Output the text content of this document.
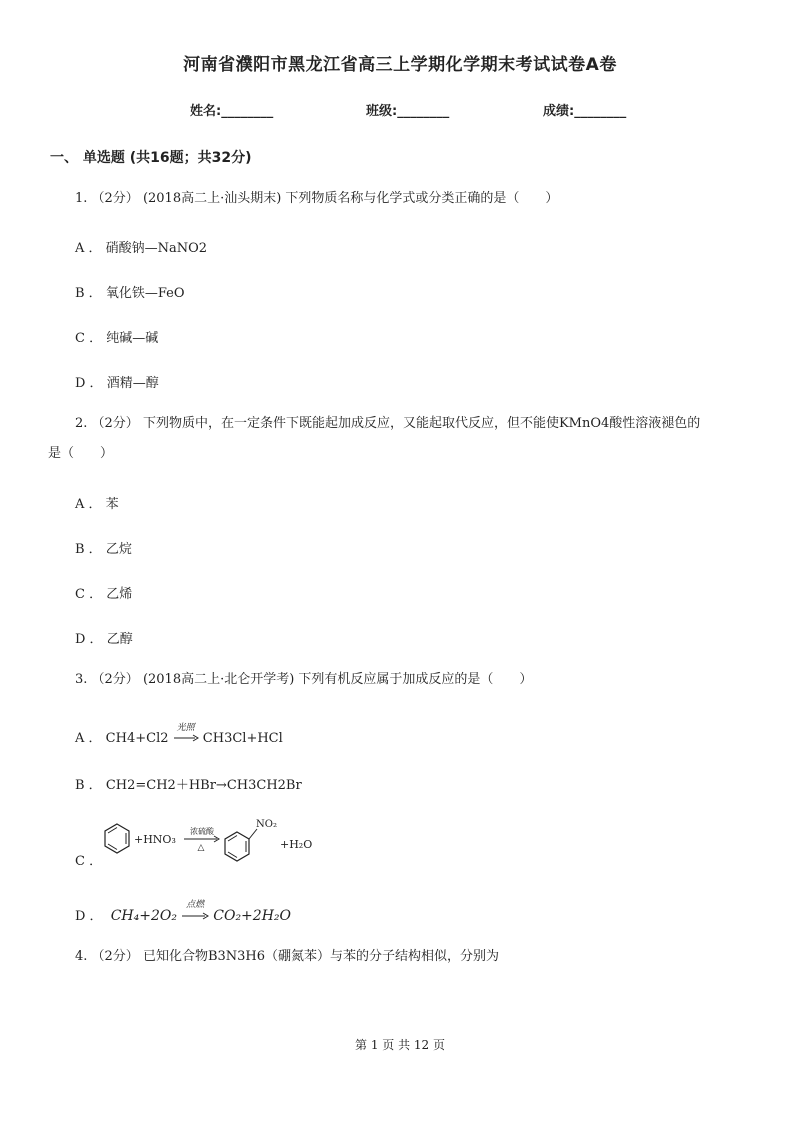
河南省濮阳市黑龙江省高三上学期化学期末考试试卷A卷
姓名:________	班级:________	成绩:________
一、 单选题 (共16题；共32分)
1. （2分） (2018高二上·汕头期末) 下列物质名称与化学式或分类正确的是（　　）
A ． 硝酸钠—NaNO2
B ． 氧化铁—FeO
C ． 纯碱—碱
D ． 酒精—醇
2. （2分） 下列物质中，在一定条件下既能起加成反应，又能起取代反应，但不能使KMnO4酸性溶液褪色的
是（　　）
A ． 苯
B ． 乙烷
C ． 乙烯
D ． 乙醇
3. （2分） (2018高二上·北仑开学考) 下列有机反应属于加成反应的是（　　）
A ． CH4+Cl2
光照
CH3Cl+HCl
B ． CH2=CH2＋HBr→CH3CH2Br
C ．
+HNO₃
浓硫酸
△
NO₂
+H₂O
D ． CH₄+2O₂
点燃
CO₂+2H₂O
4. （2分） 已知化合物B3N3H6（硼氮苯）与苯的分子结构相似，分别为
第 1 页 共 12 页
